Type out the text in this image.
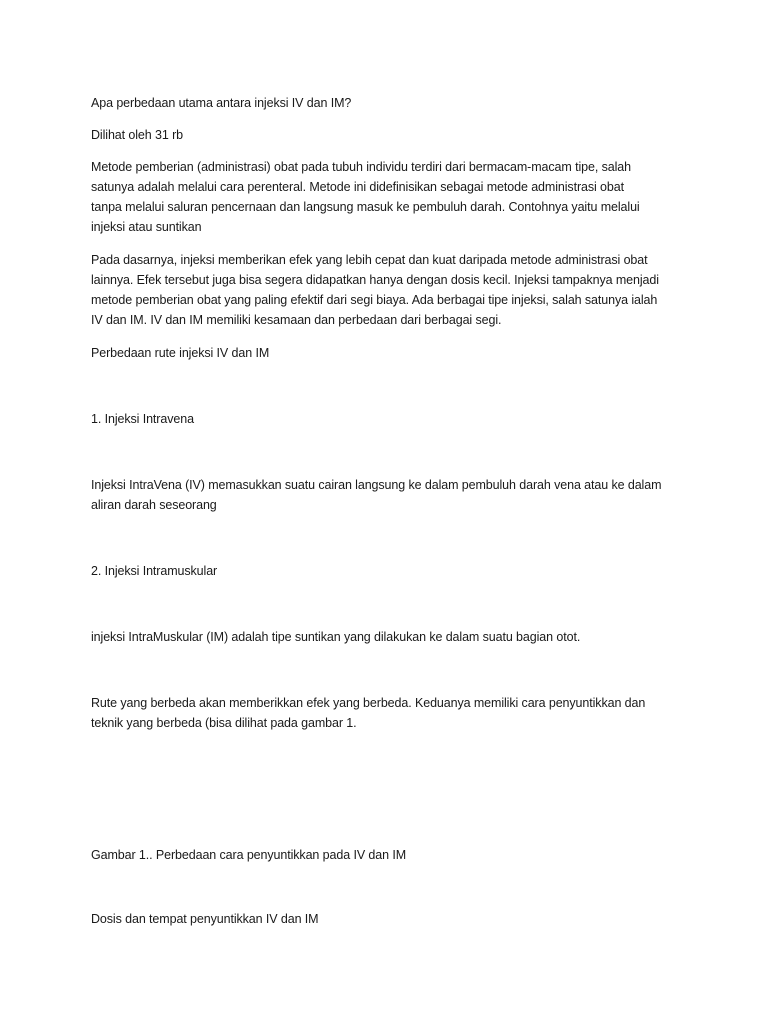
Apa perbedaan utama antara injeksi IV dan IM?
Dilihat oleh 31 rb
Metode pemberian (administrasi) obat pada tubuh individu terdiri dari bermacam-macam tipe, salah
satunya adalah melalui cara perenteral. Metode ini didefinisikan sebagai metode administrasi obat
tanpa melalui saluran pencernaan dan langsung masuk ke pembuluh darah. Contohnya yaitu melalui
injeksi atau suntikan
Pada dasarnya, injeksi memberikan efek yang lebih cepat dan kuat daripada metode administrasi obat
lainnya. Efek tersebut juga bisa segera didapatkan hanya dengan dosis kecil. Injeksi tampaknya menjadi
metode pemberian obat yang paling efektif dari segi biaya. Ada berbagai tipe injeksi, salah satunya ialah
IV dan IM. IV dan IM memiliki kesamaan dan perbedaan dari berbagai segi.
Perbedaan rute injeksi IV dan IM
1. Injeksi Intravena
Injeksi IntraVena (IV) memasukkan suatu cairan langsung ke dalam pembuluh darah vena atau ke dalam
aliran darah seseorang
2. Injeksi Intramuskular
injeksi IntraMuskular (IM) adalah tipe suntikan yang dilakukan ke dalam suatu bagian otot.
Rute yang berbeda akan memberikkan efek yang berbeda. Keduanya memiliki cara penyuntikkan dan
teknik yang berbeda (bisa dilihat pada gambar 1.
Gambar 1.. Perbedaan cara penyuntikkan pada IV dan IM
Dosis dan tempat penyuntikkan IV dan IM
